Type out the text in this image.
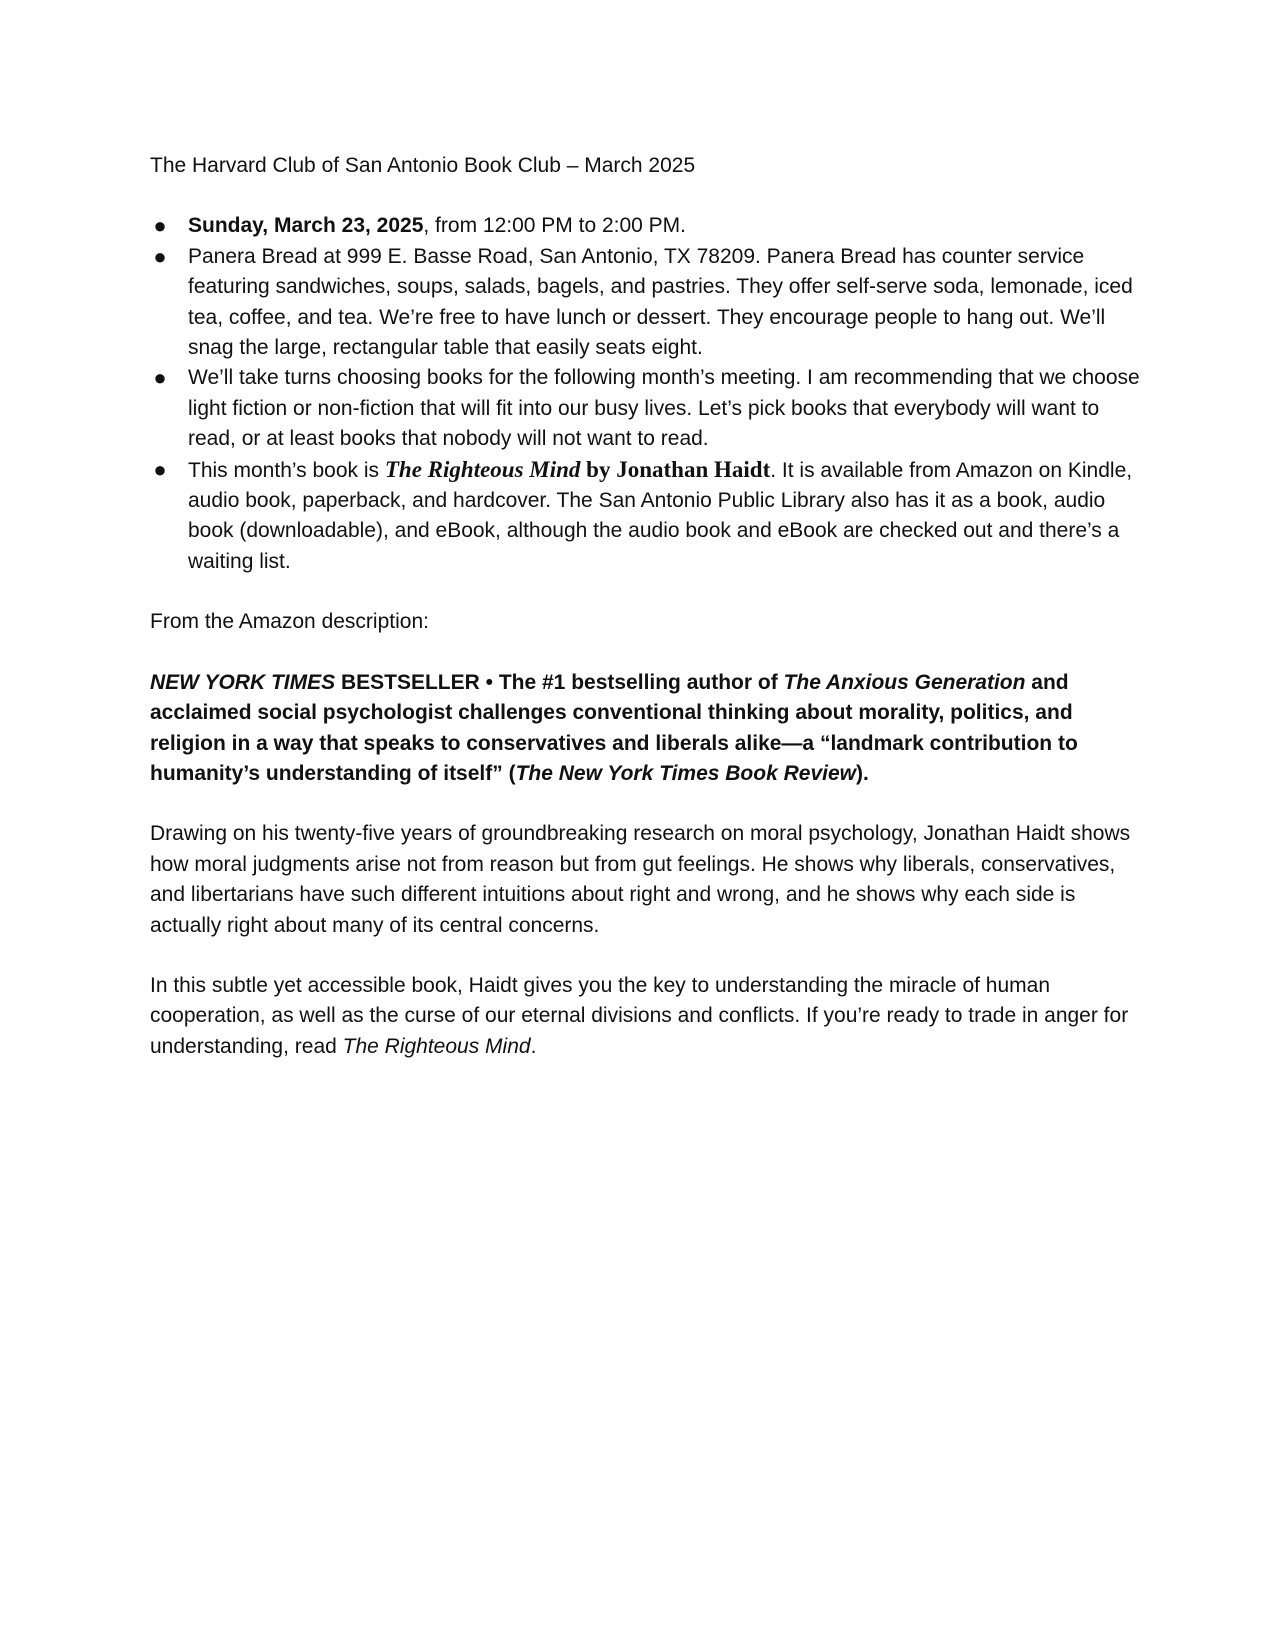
The Harvard Club of San Antonio Book Club – March 2025

● Sunday, March 23, 2025, from 12:00 PM to 2:00 PM.
● Panera Bread at 999 E. Basse Road, San Antonio, TX 78209. Panera Bread has counter service featuring sandwiches, soups, salads, bagels, and pastries. They offer self-serve soda, lemonade, iced tea, coffee, and tea. We’re free to have lunch or dessert. They encourage people to hang out. We’ll snag the large, rectangular table that easily seats eight.
● We’ll take turns choosing books for the following month’s meeting. I am recommending that we choose light fiction or non-fiction that will fit into our busy lives. Let’s pick books that everybody will want to read, or at least books that nobody will not want to read.
● This month’s book is The Righteous Mind by Jonathan Haidt. It is available from Amazon on Kindle, audio book, paperback, and hardcover. The San Antonio Public Library also has it as a book, audio book (downloadable), and eBook, although the audio book and eBook are checked out and there’s a waiting list.

From the Amazon description:

NEW YORK TIMES BESTSELLER • The #1 bestselling author of The Anxious Generation and acclaimed social psychologist challenges conventional thinking about morality, politics, and religion in a way that speaks to conservatives and liberals alike—a “landmark contribution to humanity’s understanding of itself” (The New York Times Book Review).

Drawing on his twenty-five years of groundbreaking research on moral psychology, Jonathan Haidt shows how moral judgments arise not from reason but from gut feelings. He shows why liberals, conservatives, and libertarians have such different intuitions about right and wrong, and he shows why each side is actually right about many of its central concerns.

In this subtle yet accessible book, Haidt gives you the key to understanding the miracle of human cooperation, as well as the curse of our eternal divisions and conflicts. If you’re ready to trade in anger for understanding, read The Righteous Mind.
